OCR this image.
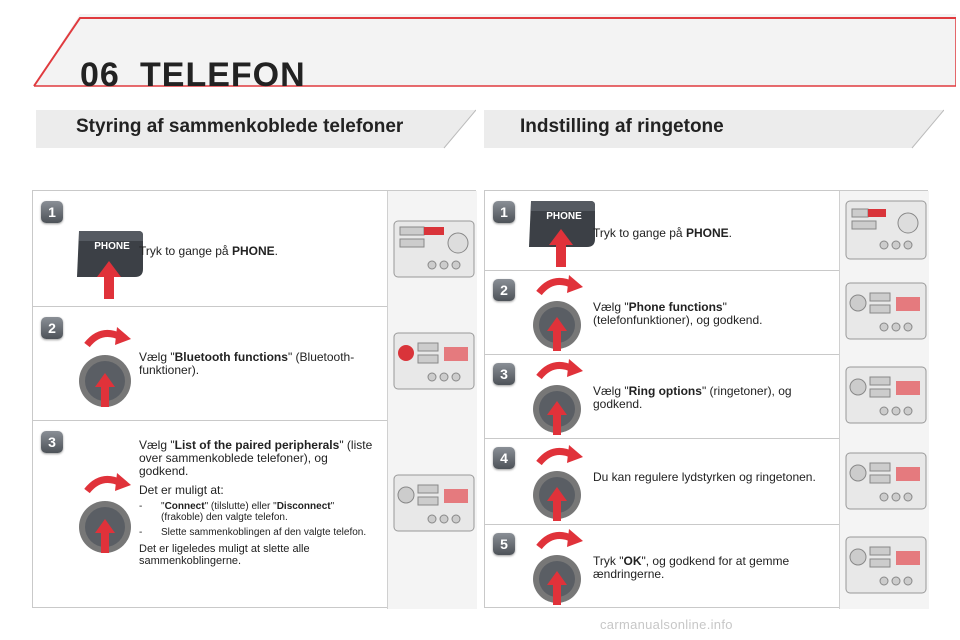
06 TELEFON
Styring af sammenkoblede telefoner	Indstilling af ringetone
1
PHONE Tryk to gange på PHONE.
2
Vælg "Bluetooth functions" (Bluetooth-funktioner).
3	Vælg "List of the paired peripherals" (liste over sammenkoblede telefoner), og godkend.
Det er muligt at:
- "Connect" (tilslutte) eller "Disconnect" (frakoble) den valgte telefon.
- Slette sammenkoblingen af den valgte telefon.
Det er ligeledes muligt at slette alle sammenkoblingerne.
1	PHONE
Tryk to gange på PHONE.
2
Vælg "Phone functions" (telefonfunktioner), og godkend.
3
Vælg "Ring options" (ringetoner), og godkend.
4
Du kan regulere lydstyrken og ringetonen.
5
Tryk "OK", og godkend for at gemme ændringerne.
carmanualsonline.info
